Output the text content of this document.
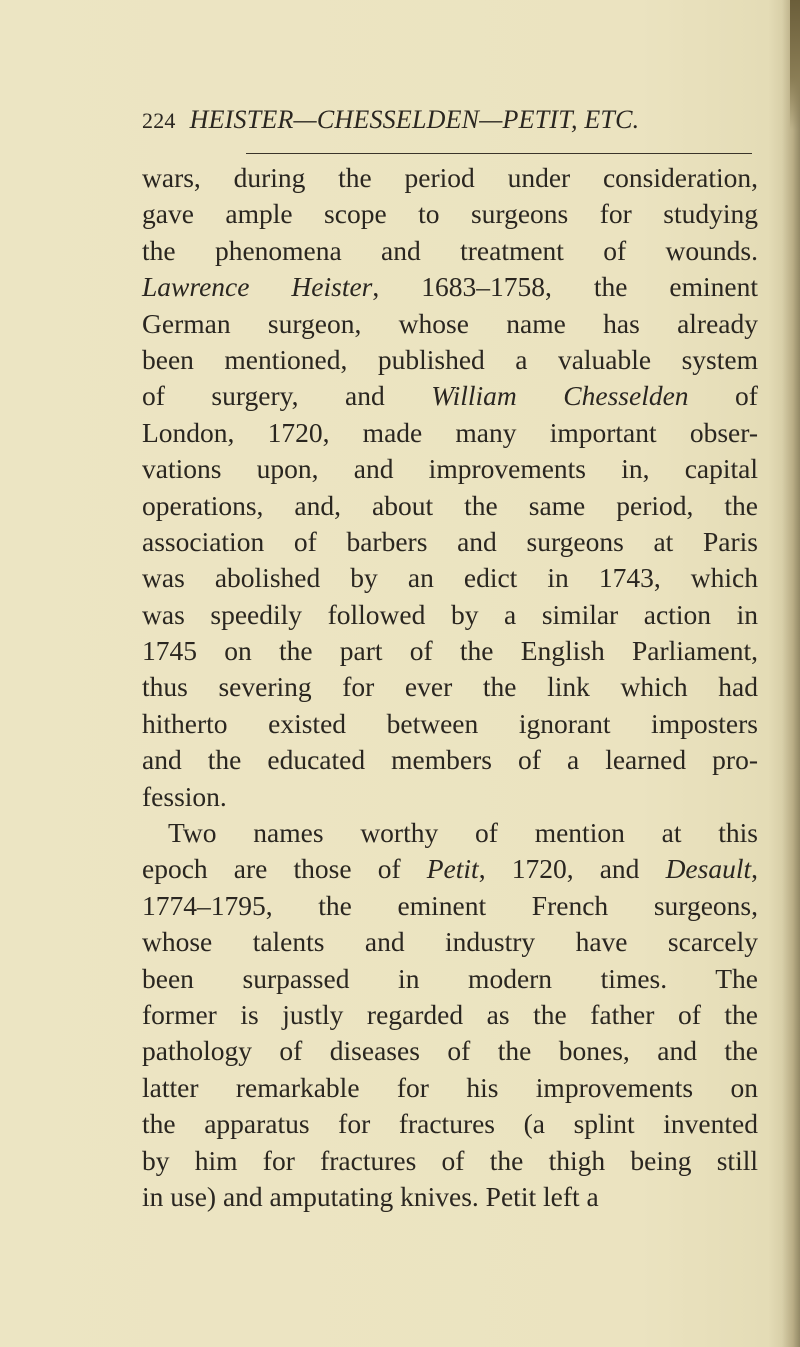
224 HEISTER—CHESSELDEN—PETIT, ETC.
wars, during the period under consideration,
gave ample scope to surgeons for studying
the phenomena and treatment of wounds.
Lawrence Heister, 1683–1758, the eminent
German surgeon, whose name has already
been mentioned, published a valuable system
of surgery, and William Chesselden of
London, 1720, made many important obser-
vations upon, and improvements in, capital
operations, and, about the same period, the
association of barbers and surgeons at Paris
was abolished by an edict in 1743, which
was speedily followed by a similar action in
1745 on the part of the English Parliament,
thus severing for ever the link which had
hitherto existed between ignorant imposters
and the educated members of a learned pro-
fession.
Two names worthy of mention at this
epoch are those of Petit, 1720, and Desault,
1774–1795, the eminent French surgeons,
whose talents and industry have scarcely
been surpassed in modern times. The
former is justly regarded as the father of the
pathology of diseases of the bones, and the
latter remarkable for his improvements on
the apparatus for fractures (a splint invented
by him for fractures of the thigh being still
in use) and amputating knives. Petit left a
